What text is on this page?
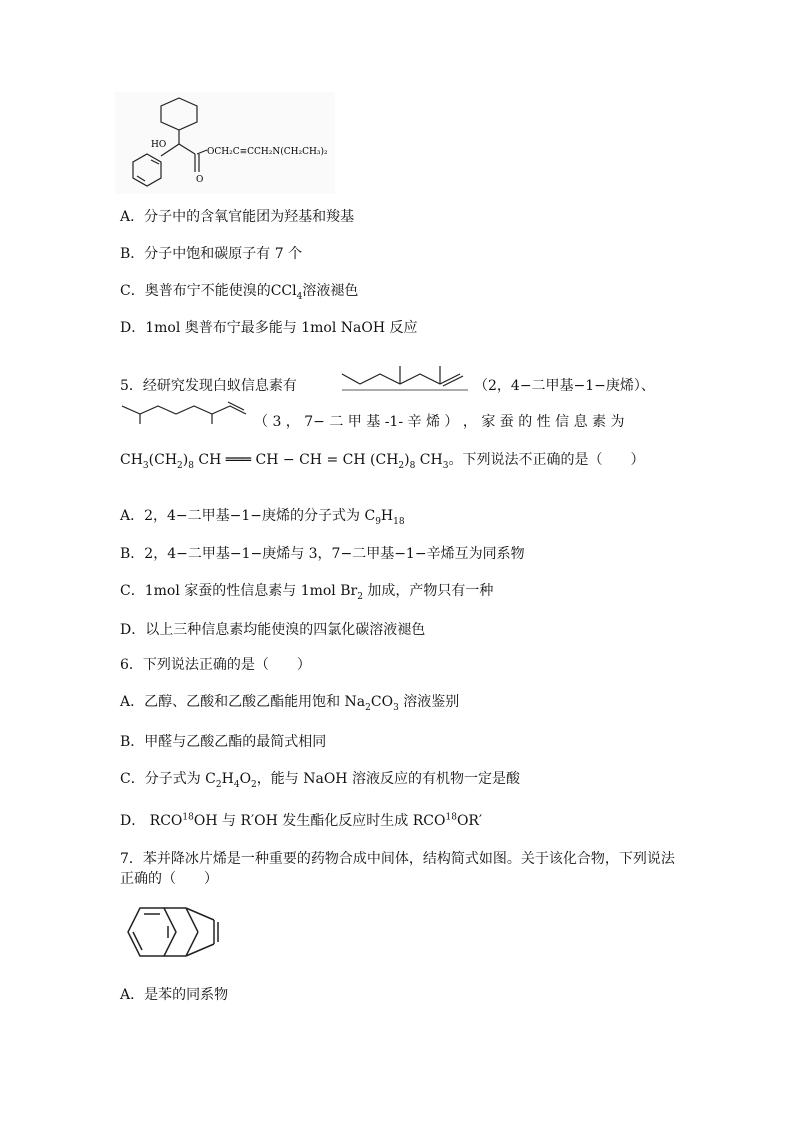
HO
O
OCH₂C≡CCH₂N(CH₂CH₃)₂
A．分子中的含氧官能团为羟基和羧基
B．分子中饱和碳原子有 7 个
C．奥普布宁不能使溴的CCl$_4$溶液褪色
D．1mol 奥普布宁最多能与 1mol NaOH 反应
5．经研究发现白蚁信息素有	（2，4−二甲基−1−庚烯）、
（ 3 ， 7− 二 甲 基 -1- 辛 烯 ） ， 家 蚕 的 性 信 息 素 为
$CH_3(CH_2)_8$ CH ═══ CH − CH = CH $(CH_2)_8$ $CH_3$。下列说法不正确的是（　　）
A．2，4−二甲基−1−庚烯的分子式为 $C_9H_{18}$
B．2，4−二甲基−1−庚烯与 3，7−二甲基−1−辛烯互为同系物
C．1mol 家蚕的性信息素与 1mol $Br_2$ 加成，产物只有一种
D．以上三种信息素均能使溴的四氯化碳溶液褪色
6．下列说法正确的是（　　）
A．乙醇、乙酸和乙酸乙酯能用饱和 $Na_2CO_3$ 溶液鉴别
B．甲醛与乙酸乙酯的最简式相同
C．分子式为 $C_2H_4O_2$，能与 NaOH 溶液反应的有机物一定是酸
D． RCO$^{18}$OH 与 R′OH 发生酯化反应时生成 RCO$^{18}$OR′
7．苯并降冰片烯是一种重要的药物合成中间体，结构简式如图。关于该化合物，下列说法
正确的（　　）
A．是苯的同系物
